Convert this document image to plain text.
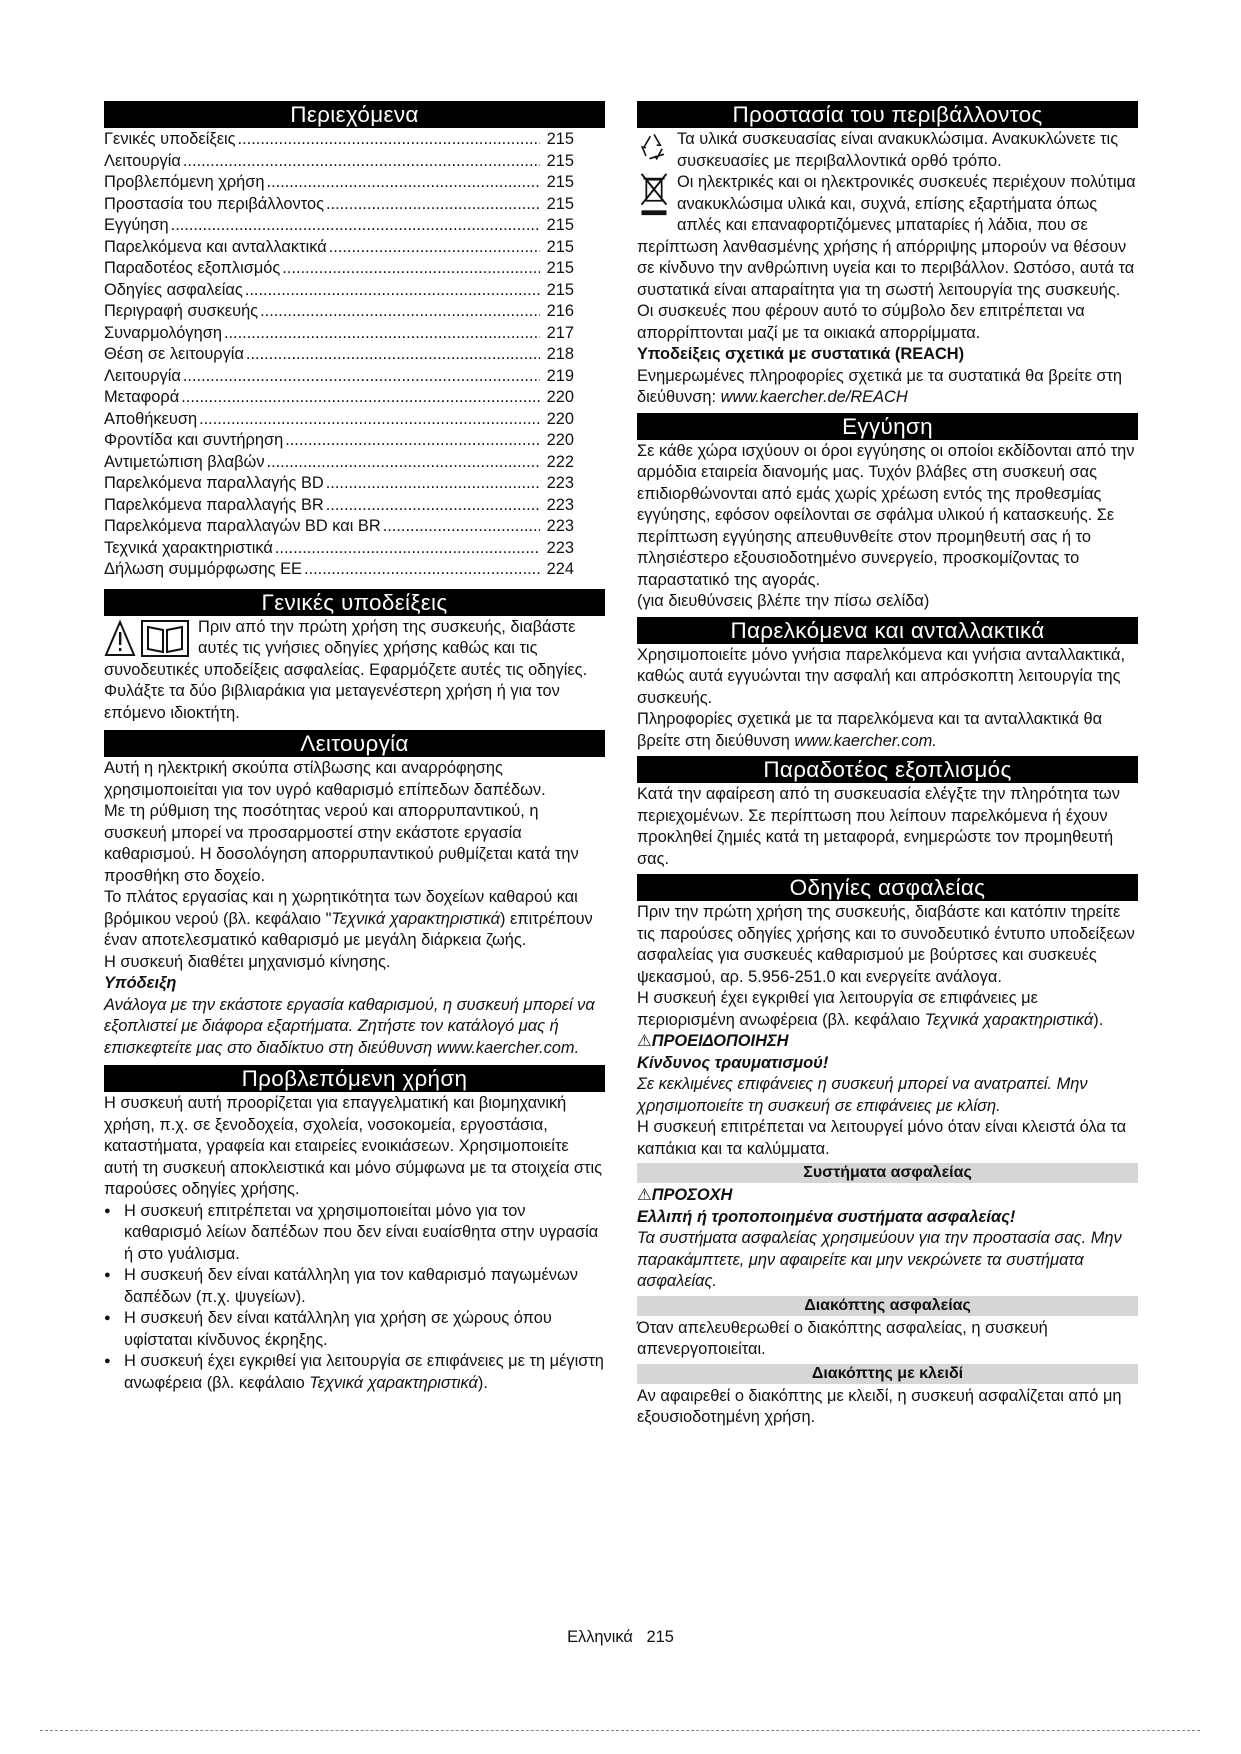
Περιεχόμενα
Γενικές υποδείξεις .....	215
Λειτουργία .....	215
Προβλεπόμενη χρήση .....	215
Προστασία του περιβάλλοντος .....	215
Εγγύηση .....	215
Παρελκόμενα και ανταλλακτικά .....	215
Παραδοτέος εξοπλισμός .....	215
Οδηγίες ασφαλείας .....	215
Περιγραφή συσκευής .....	216
Συναρμολόγηση .....	217
Θέση σε λειτουργία .....	218
Λειτουργία .....	219
Μεταφορά .....	220
Αποθήκευση .....	220
Φροντίδα και συντήρηση .....	220
Αντιμετώπιση βλαβών .....	222
Παρελκόμενα παραλλαγής BD .....	223
Παρελκόμενα παραλλαγής BR .....	223
Παρελκόμενα παραλλαγών BD και BR .....	223
Τεχνικά χαρακτηριστικά .....	223
Δήλωση συμμόρφωσης ΕΕ .....	224
Γενικές υποδείξεις

Πριν από την πρώτη χρήση της συσκευής, διαβάστε αυτές τις γνήσιες οδηγίες χρήσης καθώς και τις συνοδευτικές υποδείξεις ασφαλείας. Εφαρμόζετε αυτές τις οδηγίες.

Φυλάξτε τα δύο βιβλιαράκια για μεταγενέστερη χρήση ή για τον επόμενο ιδιοκτήτη.

Λειτουργία

Αυτή η ηλεκτρική σκούπα στίλβωσης και αναρρόφησης χρησιμοποιείται για τον υγρό καθαρισμό επίπεδων δαπέδων.

Με τη ρύθμιση της ποσότητας νερού και απορρυπαντικού, η συσκευή μπορεί να προσαρμοστεί στην εκάστοτε εργασία καθαρισμού. Η δοσολόγηση απορρυπαντικού ρυθμίζεται κατά την προσθήκη στο δοχείο.

Το πλάτος εργασίας και η χωρητικότητα των δοχείων καθαρού και βρόμικου νερού (βλ. κεφάλαιο "Τεχνικά χαρακτηριστικά) επιτρέπουν έναν αποτελεσματικό καθαρισμό με μεγάλη διάρκεια ζωής.

Η συσκευή διαθέτει μηχανισμό κίνησης.

Υπόδειξη

Ανάλογα με την εκάστοτε εργασία καθαρισμού, η συσκευή μπορεί να εξοπλιστεί με διάφορα εξαρτήματα. Ζητήστε τον κατάλογό μας ή επισκεφτείτε μας στο διαδίκτυο στη διεύθυνση www.kaercher.com.

Προβλεπόμενη χρήση

Η συσκευή αυτή προορίζεται για επαγγελματική και βιομηχανική χρήση, π.χ. σε ξενοδοχεία, σχολεία, νοσοκομεία, εργοστάσια, καταστήματα, γραφεία και εταιρείες ενοικιάσεων. Χρησιμοποιείτε αυτή τη συσκευή αποκλειστικά και μόνο σύμφωνα με τα στοιχεία στις παρούσες οδηγίες χρήσης.

● Η συσκευή επιτρέπεται να χρησιμοποιείται μόνο για τον καθαρισμό λείων δαπέδων που δεν είναι ευαίσθητα στην υγρασία ή στο γυάλισμα.
● Η συσκευή δεν είναι κατάλληλη για τον καθαρισμό παγωμένων δαπέδων (π.χ. ψυγείων).
● Η συσκευή δεν είναι κατάλληλη για χρήση σε χώρους όπου υφίσταται κίνδυνος έκρηξης.
● Η συσκευή έχει εγκριθεί για λειτουργία σε επιφάνειες με τη μέγιστη ανωφέρεια (βλ. κεφάλαιο Τεχνικά χαρακτηριστικά).
Προστασία του περιβάλλοντος

Τα υλικά συσκευασίας είναι ανακυκλώσιμα. Ανακυκλώνετε τις συσκευασίες με περιβαλλοντικά ορθό τρόπο.

Οι ηλεκτρικές και οι ηλεκτρονικές συσκευές περιέχουν πολύτιμα ανακυκλώσιμα υλικά και, συχνά, επίσης εξαρτήματα όπως απλές και επαναφορτιζόμενες μπαταρίες ή λάδια, που σε περίπτωση λανθασμένης χρήσης ή απόρριψης μπορούν να θέσουν σε κίνδυνο την ανθρώπινη υγεία και το περιβάλλον. Ωστόσο, αυτά τα συστατικά είναι απαραίτητα για τη σωστή λειτουργία της συσκευής. Οι συσκευές που φέρουν αυτό το σύμβολο δεν επιτρέπεται να απορρίπτονται μαζί με τα οικιακά απορρίμματα.

Υποδείξεις σχετικά με συστατικά (REACH)

Ενημερωμένες πληροφορίες σχετικά με τα συστατικά θα βρείτε στη διεύθυνση: www.kaercher.de/REACH

Εγγύηση

Σε κάθε χώρα ισχύουν οι όροι εγγύησης οι οποίοι εκδίδονται από την αρμόδια εταιρεία διανομής μας. Τυχόν βλάβες στη συσκευή σας επιδιορθώνονται από εμάς χωρίς χρέωση εντός της προθεσμίας εγγύησης, εφόσον οφείλονται σε σφάλμα υλικού ή κατασκευής. Σε περίπτωση εγγύησης απευθυνθείτε στον προμηθευτή σας ή το πλησιέστερο εξουσιοδοτημένο συνεργείο, προσκομίζοντας το παραστατικό της αγοράς.

(για διευθύνσεις βλέπε την πίσω σελίδα)

Παρελκόμενα και ανταλλακτικά

Χρησιμοποιείτε μόνο γνήσια παρελκόμενα και γνήσια ανταλλακτικά, καθώς αυτά εγγυώνται την ασφαλή και απρόσκοπτη λειτουργία της συσκευής.

Πληροφορίες σχετικά με τα παρελκόμενα και τα ανταλλακτικά θα βρείτε στη διεύθυνση www.kaercher.com.

Παραδοτέος εξοπλισμός

Κατά την αφαίρεση από τη συσκευασία ελέγξτε την πληρότητα των περιεχομένων. Σε περίπτωση που λείπουν παρελκόμενα ή έχουν προκληθεί ζημιές κατά τη μεταφορά, ενημερώστε τον προμηθευτή σας.

Οδηγίες ασφαλείας

Πριν την πρώτη χρήση της συσκευής, διαβάστε και κατόπιν τηρείτε τις παρούσες οδηγίες χρήσης και το συνοδευτικό έντυπο υποδείξεων ασφαλείας για συσκευές καθαρισμού με βούρτσες και συσκευές ψεκασμού, αρ. 5.956-251.0 και ενεργείτε ανάλογα.

Η συσκευή έχει εγκριθεί για λειτουργία σε επιφάνειες με περιορισμένη ανωφέρεια (βλ. κεφάλαιο Τεχνικά χαρακτηριστικά).

⚠ΠΡΟΕΙΔΟΠΟΙΗΣΗ

Κίνδυνος τραυματισμού!

Σε κεκλιμένες επιφάνειες η συσκευή μπορεί να ανατραπεί. Μην χρησιμοποιείτε τη συσκευή σε επιφάνειες με κλίση.

Η συσκευή επιτρέπεται να λειτουργεί μόνο όταν είναι κλειστά όλα τα καπάκια και τα καλύμματα.

Συστήματα ασφαλείας

⚠ΠΡΟΣΟΧΗ

Ελλιπή ή τροποποιημένα συστήματα ασφαλείας!

Τα συστήματα ασφαλείας χρησιμεύουν για την προστασία σας. Μην παρακάμπτετε, μην αφαιρείτε και μην νεκρώνετε τα συστήματα ασφαλείας.

Διακόπτης ασφαλείας

Όταν απελευθερωθεί ο διακόπτης ασφαλείας, η συσκευή απενεργοποιείται.

Διακόπτης με κλειδί

Αν αφαιρεθεί ο διακόπτης με κλειδί, η συσκευή ασφαλίζεται από μη εξουσιοδοτημένη χρήση.

Ελληνικά 215
